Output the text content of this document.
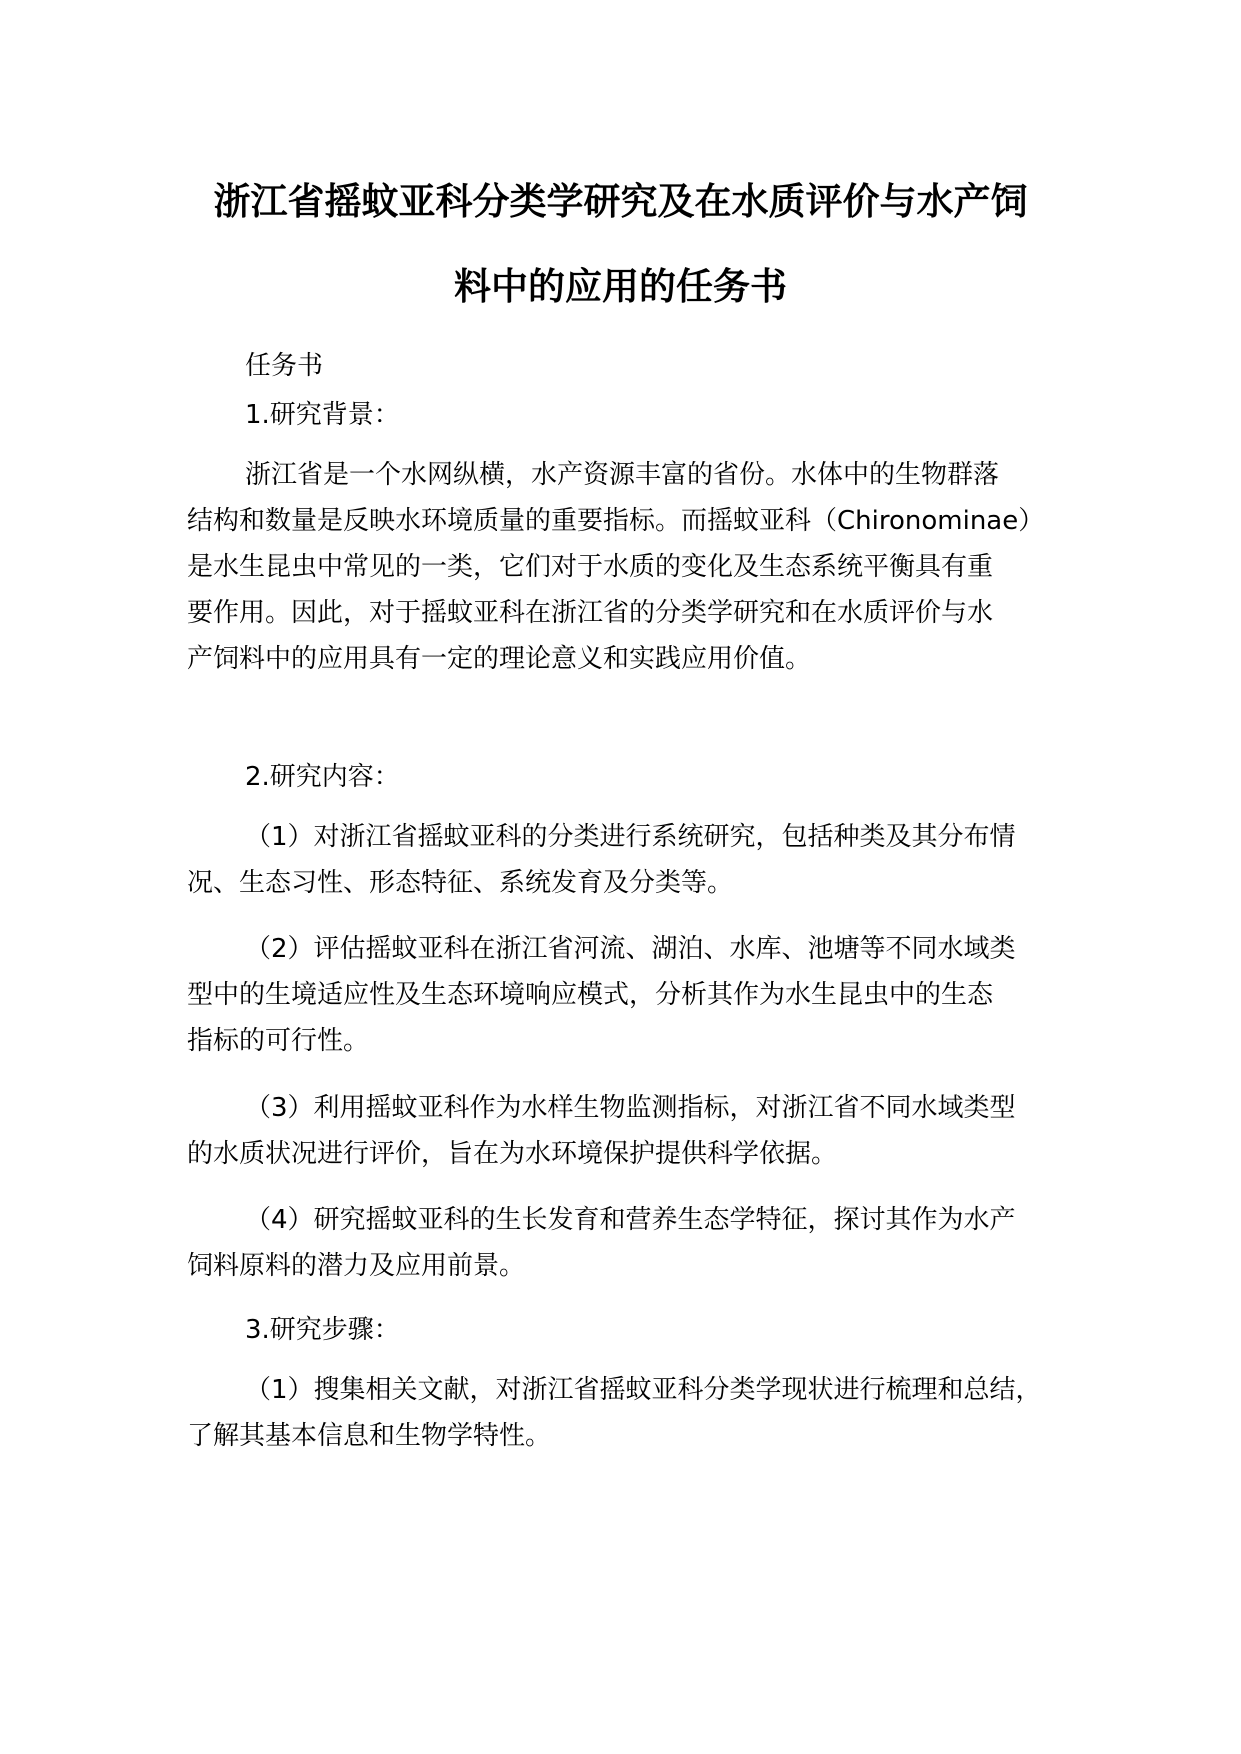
浙江省摇蚊亚科分类学研究及在水质评价与水产饲
料中的应用的任务书

任务书

1.研究背景：

浙江省是一个水网纵横，水产资源丰富的省份。水体中的生物群落
结构和数量是反映水环境质量的重要指标。而摇蚊亚科（Chironominae）
是水生昆虫中常见的一类，它们对于水质的变化及生态系统平衡具有重
要作用。因此，对于摇蚊亚科在浙江省的分类学研究和在水质评价与水
产饲料中的应用具有一定的理论意义和实践应用价值。

2.研究内容：

（1）对浙江省摇蚊亚科的分类进行系统研究，包括种类及其分布情
况、生态习性、形态特征、系统发育及分类等。

（2）评估摇蚊亚科在浙江省河流、湖泊、水库、池塘等不同水域类
型中的生境适应性及生态环境响应模式，分析其作为水生昆虫中的生态
指标的可行性。

（3）利用摇蚊亚科作为水样生物监测指标，对浙江省不同水域类型
的水质状况进行评价，旨在为水环境保护提供科学依据。

（4）研究摇蚊亚科的生长发育和营养生态学特征，探讨其作为水产
饲料原料的潜力及应用前景。

3.研究步骤：

（1）搜集相关文献，对浙江省摇蚊亚科分类学现状进行梳理和总结，
了解其基本信息和生物学特性。
